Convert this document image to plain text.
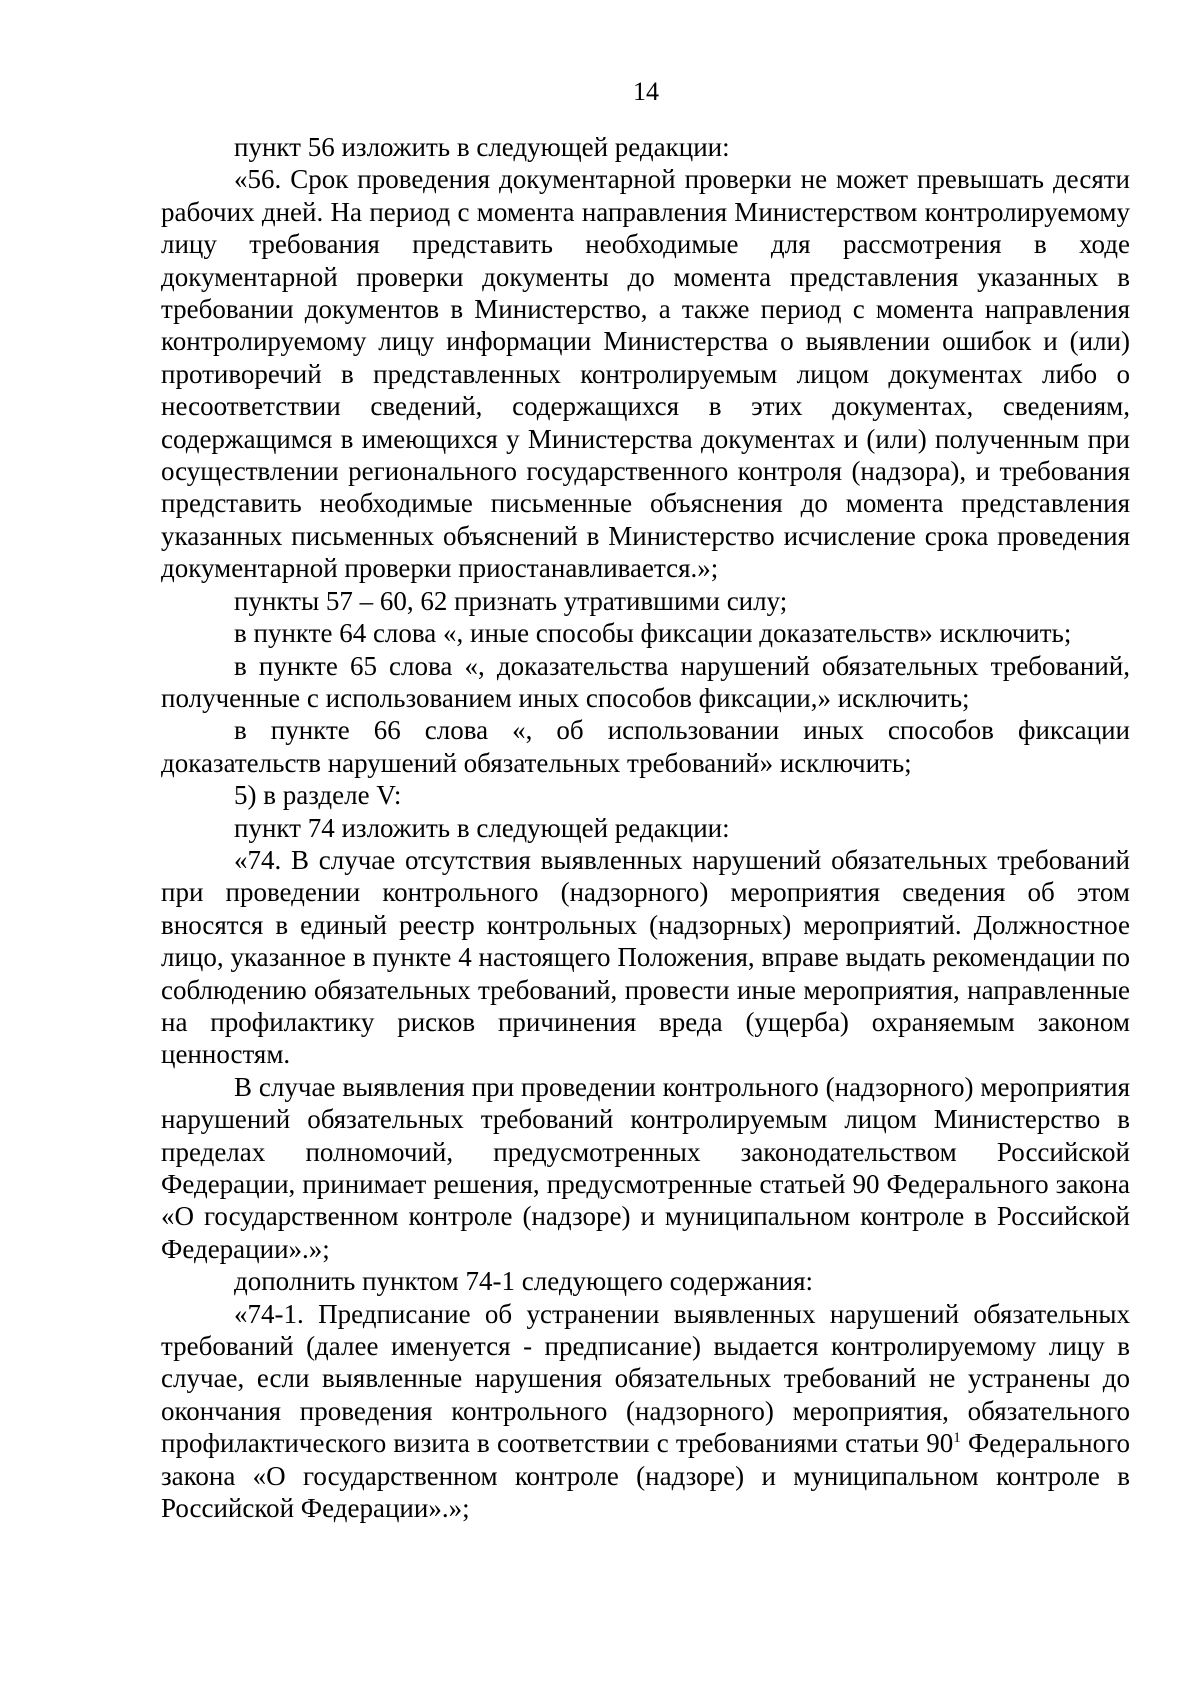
14

пункт 56 изложить в следующей редакции:

«56. Срок проведения документарной проверки не может превышать десяти рабочих дней. На период с момента направления Министерством контролируемому лицу требования представить необходимые для рассмотрения в ходе документарной проверки документы до момента представления указанных в требовании документов в Министерство, а также период с момента направления контролируемому лицу информации Министерства о выявлении ошибок и (или) противоречий в представленных контролируемым лицом документах либо о несоответствии сведений, содержащихся в этих документах, сведениям, содержащимся в имеющихся у Министерства документах и (или) полученным при осуществлении регионального государственного контроля (надзора), и требования представить необходимые письменные объяснения до момента представления указанных письменных объяснений в Министерство исчисление срока проведения документарной проверки приостанавливается.»;

пункты 57 – 60, 62 признать утратившими силу;

в пункте 64 слова «, иные способы фиксации доказательств» исключить;

в пункте 65 слова «, доказательства нарушений обязательных требований, полученные с использованием иных способов фиксации,» исключить;

в пункте 66 слова «, об использовании иных способов фиксации доказательств нарушений обязательных требований» исключить;

5) в разделе V:

пункт 74 изложить в следующей редакции:

«74. В случае отсутствия выявленных нарушений обязательных требований при проведении контрольного (надзорного) мероприятия сведения об этом вносятся в единый реестр контрольных (надзорных) мероприятий. Должностное лицо, указанное в пункте 4 настоящего Положения, вправе выдать рекомендации по соблюдению обязательных требований, провести иные мероприятия, направленные на профилактику рисков причинения вреда (ущерба) охраняемым законом ценностям.

В случае выявления при проведении контрольного (надзорного) мероприятия нарушений обязательных требований контролируемым лицом Министерство в пределах полномочий, предусмотренных законодательством Российской Федерации, принимает решения, предусмотренные статьей 90 Федерального закона «О государственном контроле (надзоре) и муниципальном контроле в Российской Федерации».»;

дополнить пунктом 74-1 следующего содержания:

«74-1. Предписание об устранении выявленных нарушений обязательных требований (далее именуется - предписание) выдается контролируемому лицу в случае, если выявленные нарушения обязательных требований не устранены до окончания проведения контрольного (надзорного) мероприятия, обязательного профилактического визита в соответствии с требованиями статьи $90^1$ Федерального закона «О государственном контроле (надзоре) и муниципальном контроле в Российской Федерации».»;
